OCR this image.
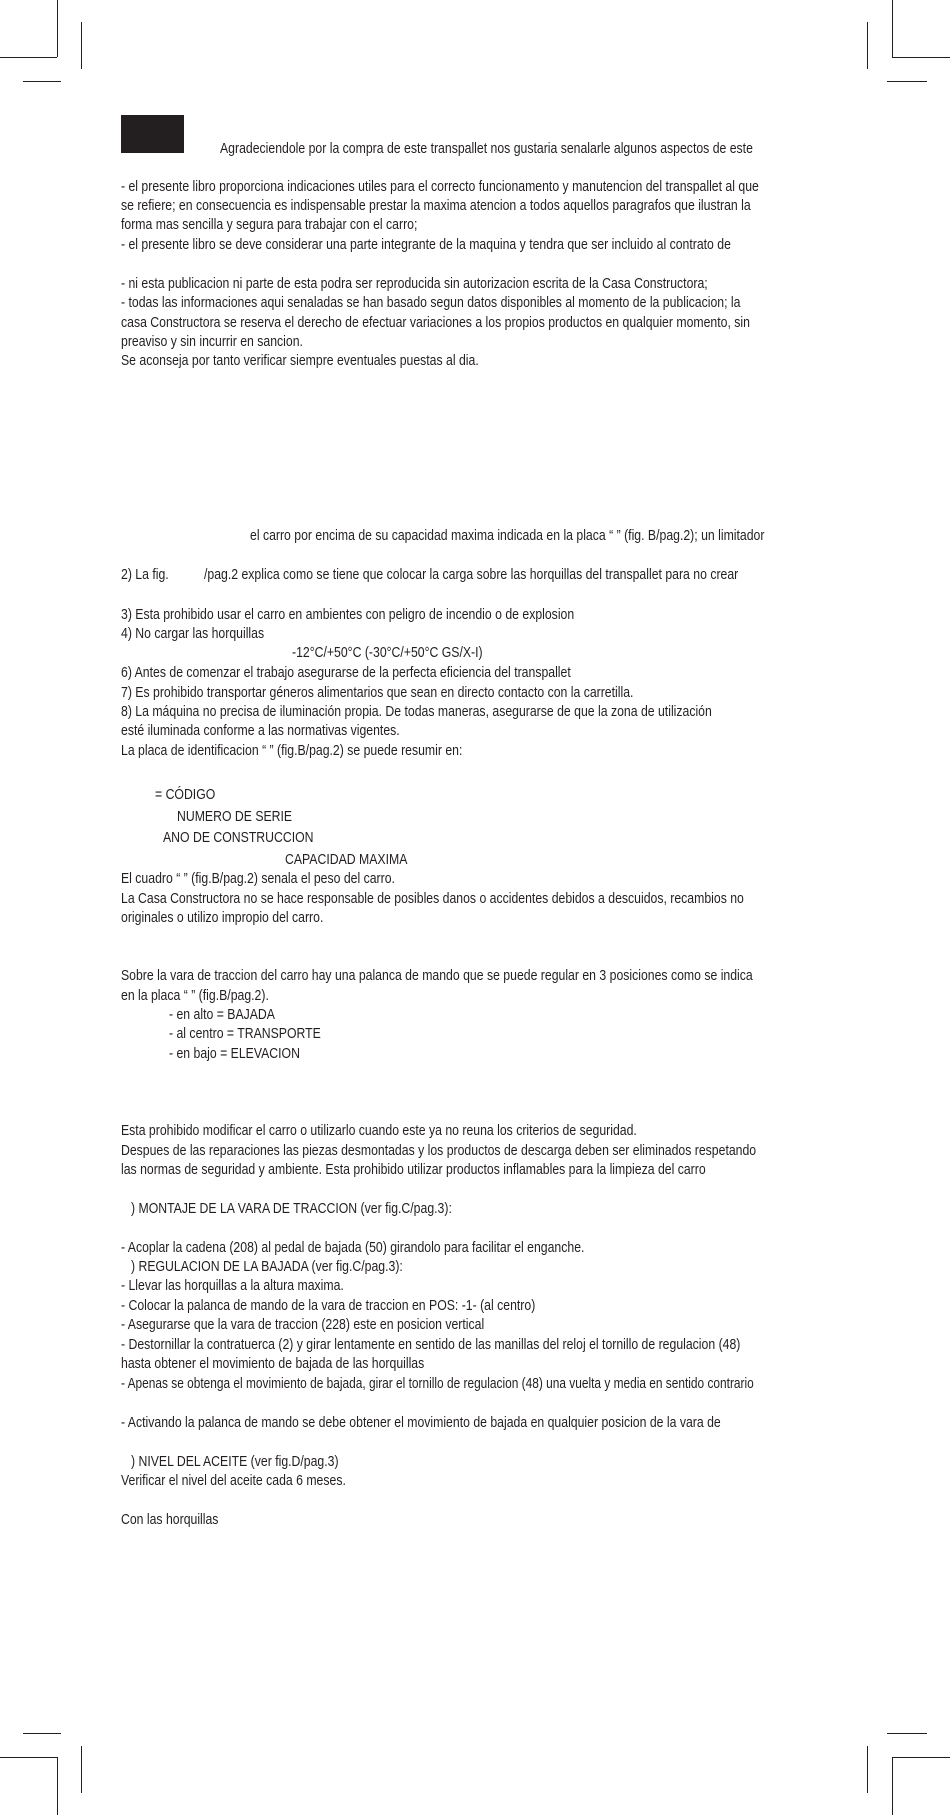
Agradeciendole por la compra de este transpallet nos gustaria senalarle algunos aspectos de este
- el presente libro proporciona indicaciones utiles para el correcto funcionamento y manutencion del transpallet al que
se refiere; en consecuencia es indispensable prestar la maxima atencion a todos aquellos paragrafos que ilustran la
forma mas sencilla y segura para trabajar con el carro;
- el presente libro se deve considerar una parte integrante de la maquina y tendra que ser incluido al contrato de
- ni esta publicacion ni parte de esta podra ser reproducida sin autorizacion escrita de la Casa Constructora;
- todas las informaciones aqui senaladas se han basado segun datos disponibles al momento de la publicacion; la
casa Constructora se reserva el derecho de efectuar variaciones a los propios productos en qualquier momento, sin
preaviso y sin incurrir en sancion.
Se aconseja por tanto verificar siempre eventuales puestas al dia.
el carro por encima de su capacidad maxima indicada en la placa “ ” (fig. B/pag.2); un limitador
2) La fig.	/pag.2 explica como se tiene que colocar la carga sobre las horquillas del transpallet para no crear
3) Esta prohibido usar el carro en ambientes con peligro de incendio o de explosion
4) No cargar las horquillas
-12°C/+50°C (-30°C/+50°C GS/X-I)
6) Antes de comenzar el trabajo asegurarse de la perfecta eficiencia del transpallet
7) Es prohibido transportar géneros alimentarios que sean en directo contacto con la carretilla.
8) La máquina no precisa de iluminación propia. De todas maneras, asegurarse de que la zona de utilización
esté iluminada conforme a las normativas vigentes.
La placa de identificacion “ ” (fig.B/pag.2) se puede resumir en:
= CÓDIGO
NUMERO DE SERIE
ANO DE CONSTRUCCION
CAPACIDAD MAXIMA
El cuadro “ ” (fig.B/pag.2) senala el peso del carro.
La Casa Constructora no se hace responsable de posibles danos o accidentes debidos a descuidos, recambios no
originales o utilizo impropio del carro.
Sobre la vara de traccion del carro hay una palanca de mando que se puede regular en 3 posiciones como se indica
en la placa “ ” (fig.B/pag.2).
- en alto = BAJADA
- al centro = TRANSPORTE
- en bajo = ELEVACION
Esta prohibido modificar el carro o utilizarlo cuando este ya no reuna los criterios de seguridad.
Despues de las reparaciones las piezas desmontadas y los productos de descarga deben ser eliminados respetando
las normas de seguridad y ambiente. Esta prohibido utilizar productos inflamables para la limpieza del carro
) MONTAJE DE LA VARA DE TRACCION (ver fig.C/pag.3):
- Acoplar la cadena (208) al pedal de bajada (50) girandolo para facilitar el enganche.
) REGULACION DE LA BAJADA (ver fig.C/pag.3):
- Llevar las horquillas a la altura maxima.
- Colocar la palanca de mando de la vara de traccion en POS: -1- (al centro)
- Asegurarse que la vara de traccion (228) este en posicion vertical
- Destornillar la contratuerca (2) y girar lentamente en sentido de las manillas del reloj el tornillo de regulacion (48)
hasta obtener el movimiento de bajada de las horquillas
- Apenas se obtenga el movimiento de bajada, girar el tornillo de regulacion (48) una vuelta y media en sentido contrario
- Activando la palanca de mando se debe obtener el movimiento de bajada en qualquier posicion de la vara de
) NIVEL DEL ACEITE (ver fig.D/pag.3)
Verificar el nivel del aceite cada 6 meses.
Con las horquillas
